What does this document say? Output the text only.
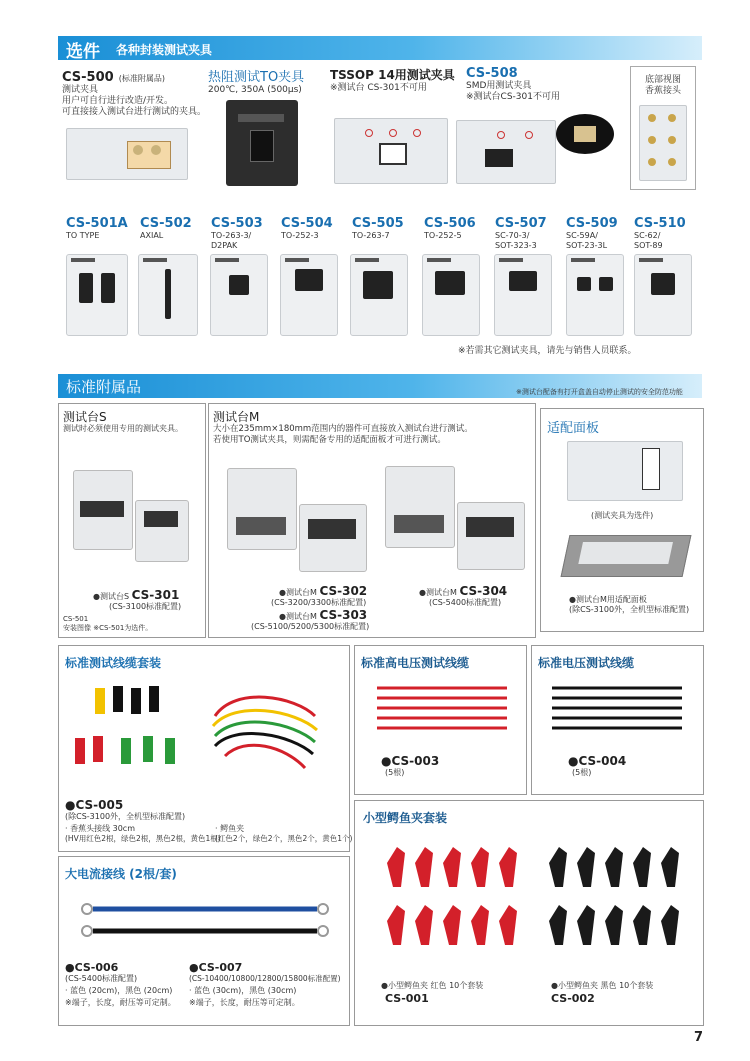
选件 各种封装测试夹具
CS-500 (标准附属品)
测试夹具
用户可自行进行改造/开发。
可直接接入测试台进行测试的夹具。
热阻测试TO夹具
200℃, 350A (500μs)
TSSOP 14用测试夹具
※测试台 CS-301不可用
CS-508
SMD用测试夹具
※测试台CS-301不可用
底部视图
香蕉接头
CS-501A
TO TYPE
CS-502
AXIAL
CS-503
TO-263-3/
D2PAK
CS-504
TO-252-3
CS-505
TO-263-7
CS-506
TO-252-5
CS-507
SC-70-3/
SOT-323-3
CS-509
SC-59A/
SOT-23-3L
CS-510
SC-62/
SOT-89
※若需其它测试夹具，请先与销售人员联系。
标准附属品	※测试台配备有打开盒盖自动停止测试的安全防范功能
测试台S
测试时必须使用专用的测试夹具。
●测试台S CS-301
(CS-3100标准配置)
CS-501
安装图像 ※CS-501为选件。
测试台M
大小在235mm×180mm范围内的器件可直接放入测试台进行测试。
若使用TO测试夹具，则需配备专用的适配面板才可进行测试。
●测试台M CS-302
(CS-3200/3300标准配置)
●测试台M CS-303
(CS-5100/5200/5300标准配置)
●测试台M CS-304
(CS-5400标准配置)
适配面板
(测试夹具为选件)
●测试台M用适配面板
(除CS-3100外，全机型标准配置)
标准测试线缆套装
●CS-005
(除CS-3100外，全机型标准配置)
· 香蕉头接线 30cm
(HV用红色2根，绿色2根，黑色2根，黄色1根)
· 鳄鱼夹
(红色2个，绿色2个，黑色2个，黄色1个)
标准高电压测试线缆
●CS-003
(5根)
标准电压测试线缆
●CS-004
(5根)
大电流接线 (2根/套)
●CS-006
(CS-5400标准配置)
· 蓝色 (20cm)，黑色 (20cm)
※端子，长度，耐压等可定制。
●CS-007
(CS-10400/10800/12800/15800标准配置)
· 蓝色 (30cm)，黑色 (30cm)
※端子，长度，耐压等可定制。
小型鳄鱼夹套装
●小型鳄鱼夹 红色 10个套装
CS-001
●小型鳄鱼夹 黑色 10个套装
CS-002
7
